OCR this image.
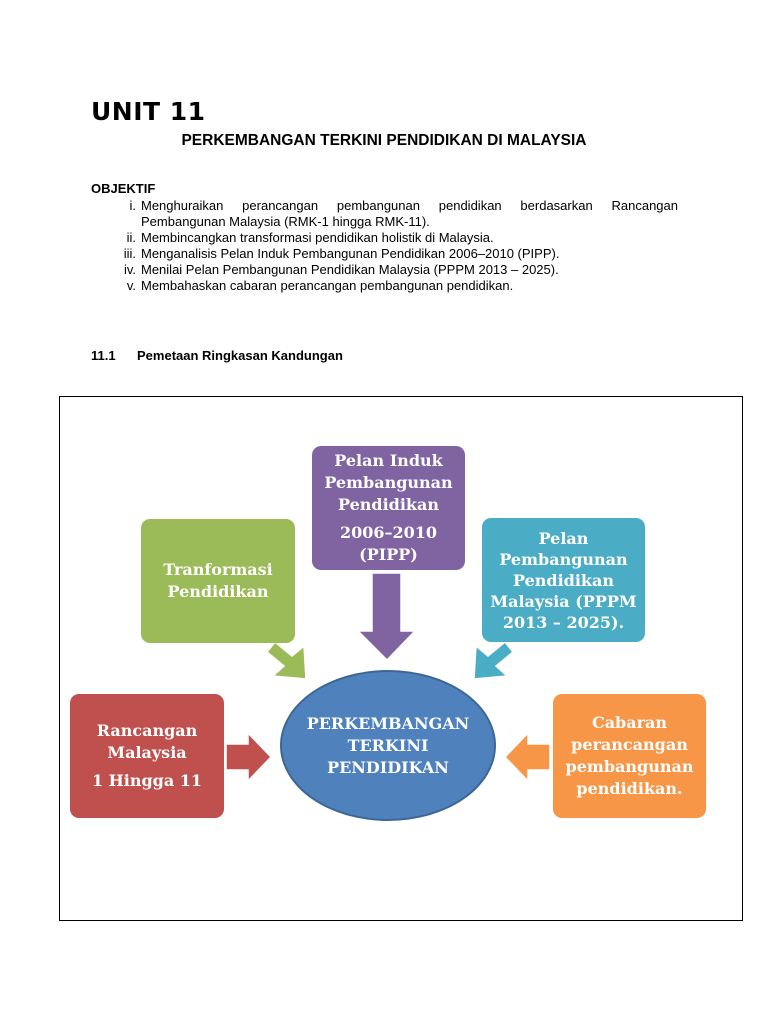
UNIT 11
PERKEMBANGAN TERKINI PENDIDIKAN DI MALAYSIA
OBJEKTIF
i. Menghuraikan perancangan pembangunan pendidikan berdasarkan Rancangan Pembangunan Malaysia (RMK-1 hingga RMK-11).
ii. Membincangkan transformasi pendidikan holistik di Malaysia.
iii. Menganalisis Pelan Induk Pembangunan Pendidikan 2006–2010 (PIPP).
iv. Menilai Pelan Pembangunan Pendidikan Malaysia (PPPM 2013 – 2025).
v. Membahaskan cabaran perancangan pembangunan pendidikan.
11.1	Pemetaan Ringkasan Kandungan
Pelan Induk
Pembangunan
Pendidikan
2006–2010 (PIPP)
Tranformasi
Pendidikan
Pelan
Pembangunan
Pendidikan
Malaysia (PPPM
2013 – 2025).
Rancangan
Malaysia
1 Hingga 11
Cabaran
perancangan
pembangunan
pendidikan.
PERKEMBANGAN
TERKINI
PENDIDIKAN
